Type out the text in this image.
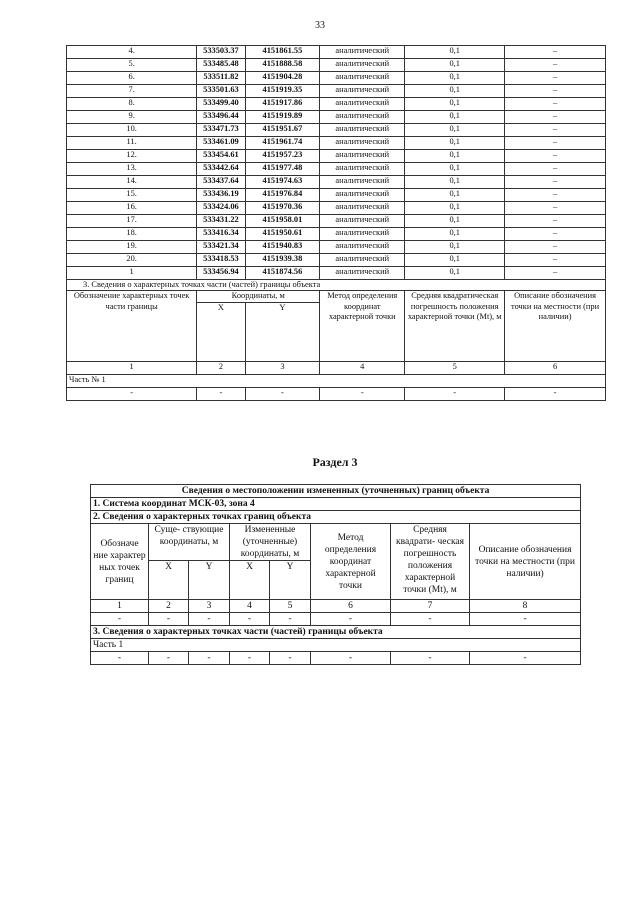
33
4.	533503.37	4151861.55	аналитический	0,1	–
5.	533485.48	4151888.58	аналитический	0,1	–
6.	533511.82	4151904.28	аналитический	0,1	–
7.	533501.63	4151919.35	аналитический	0,1	–
8.	533499.40	4151917.86	аналитический	0,1	–
9.	533496.44	4151919.89	аналитический	0,1	–
10.	533471.73	4151951.67	аналитический	0,1	–
11.	533461.09	4151961.74	аналитический	0,1	–
12.	533454.61	4151957.23	аналитический	0,1	–
13.	533442.64	4151977.48	аналитический	0,1	–
14.	533437.64	4151974.63	аналитический	0,1	–
15.	533436.19	4151976.84	аналитический	0,1	–
16.	533424.06	4151970.36	аналитический	0,1	–
17.	533431.22	4151958.01	аналитический	0,1	–
18.	533416.34	4151950.61	аналитический	0,1	–
19.	533421.34	4151940.83	аналитический	0,1	–
20.	533418.53	4151939.38	аналитический	0,1	–
1	533456.94	4151874.56	аналитический	0,1	–
3. Сведения о характерных точках части (частей) границы объекта					
Обозначение характерных точек части границы	Координаты, м		Метод определения координат характерной точки	Средняя квадратическая погрешность положения характерной точки (Мt), м	Описание обозначения точки на местности (при наличии)
	X	Y			
1	2	3	4	5	6
Часть № 1					
-	-	-	-	-	-
Раздел 3
Сведения о местоположении измененных (уточненных) границ объекта							
1. Система координат МСК-03, зона 4							
2. Сведения о характерных точках границ объекта							
Обозначе ние характер ных точек границ	Суще- ствующие координаты, м		Измененные (уточненные) координаты, м		Метод определения координат характерной точки	Средняя квадрати- ческая погрешность положения характерной точки (Мt), м	Описание обозначения точки на местности (при наличии)
	X	Y	X	Y			
1	2	3	4	5	6	7	8
-	-	-	-	-	-	-	-
3. Сведения о характерных точках части (частей) границы объекта							
Часть 1							
-	-	-	-	-	-	-	-
